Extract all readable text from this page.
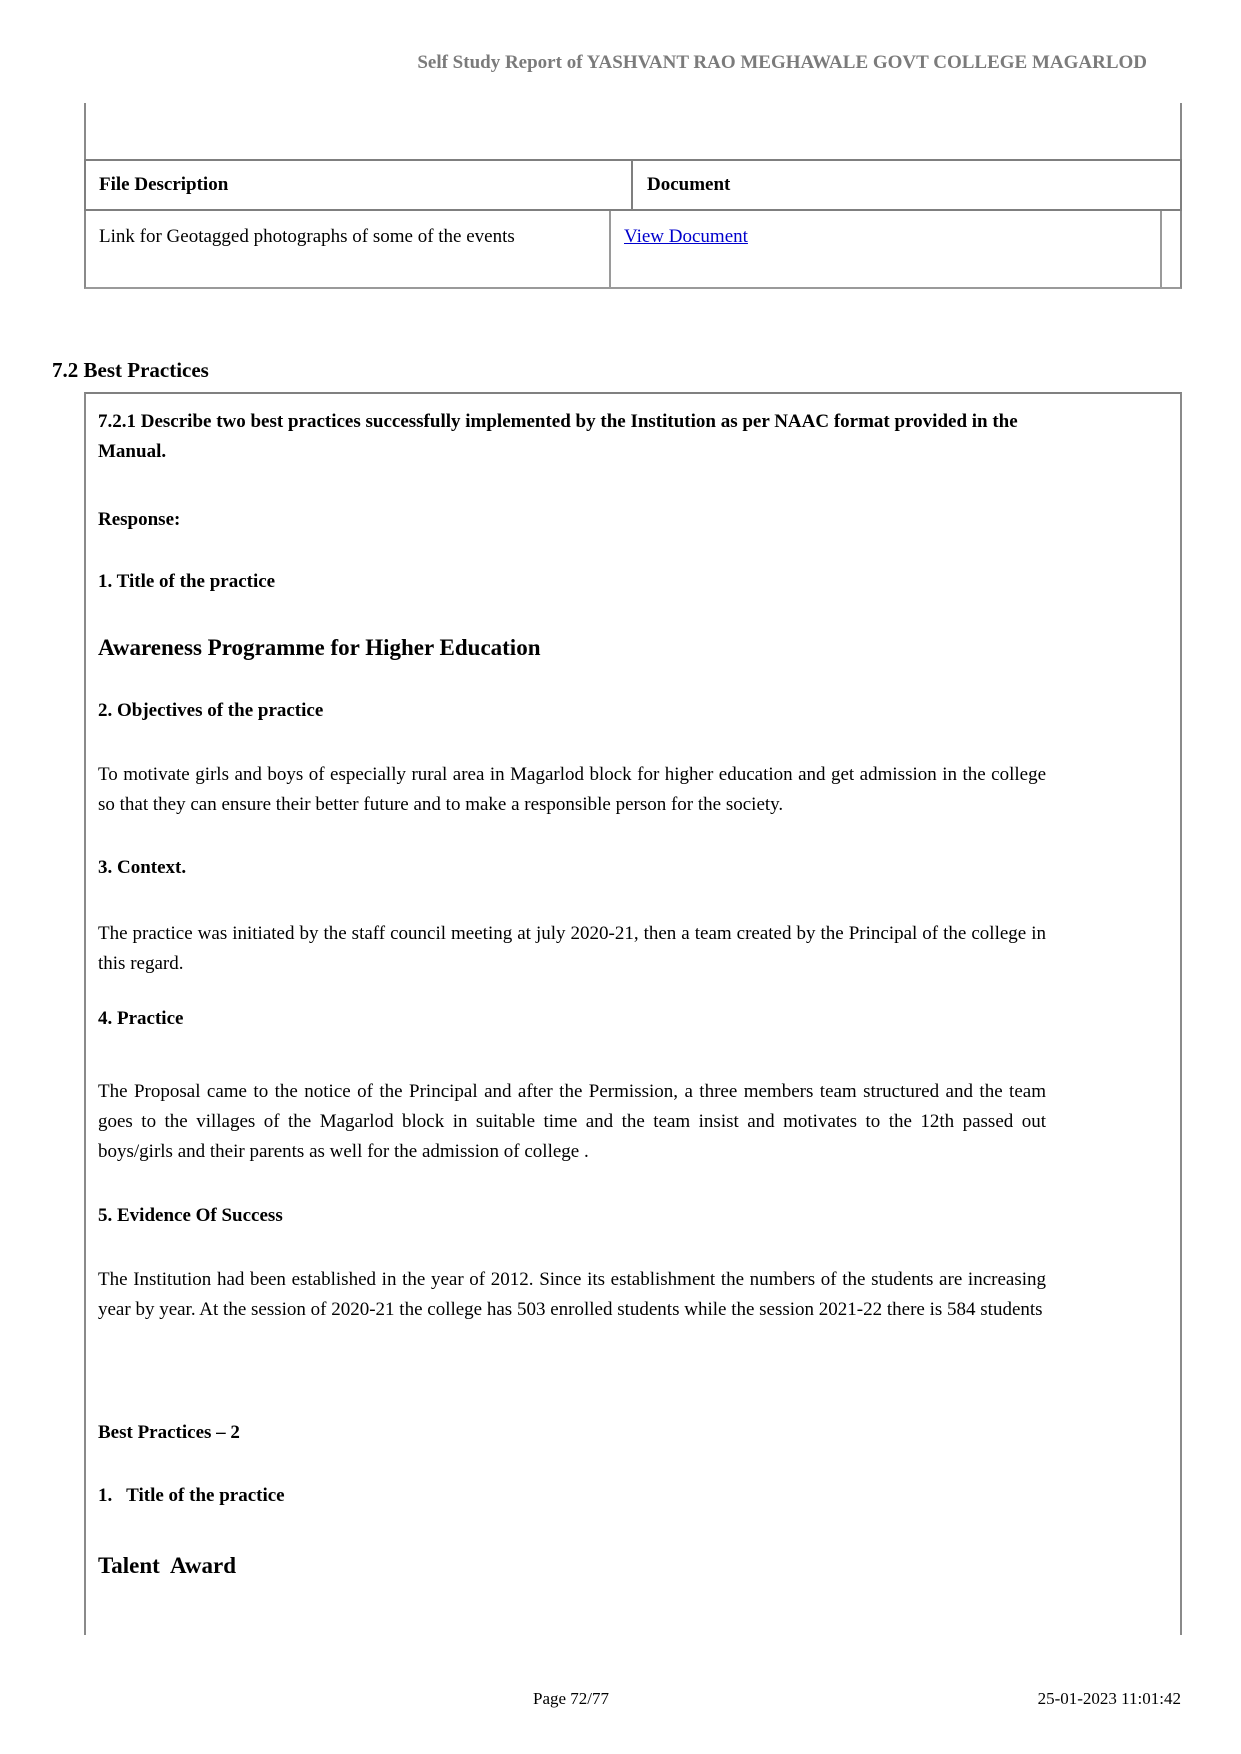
Self Study Report of YASHVANT RAO MEGHAWALE GOVT COLLEGE MAGARLOD
File Description	Document
Link for Geotagged photographs of some of the events	View Document
7.2 Best Practices
7.2.1 Describe two best practices successfully implemented by the Institution as per NAAC format provided in the Manual.
Response:
1. Title of the practice
Awareness Programme for Higher Education
2. Objectives of the practice
To motivate girls and boys of especially rural area in Magarlod block for higher education and get admission in the college so that they can ensure their better future and to make a responsible person for the society.
3. Context.
The practice was initiated by the staff council meeting at july 2020-21, then a team created by the Principal of the college in this regard.
4. Practice
The Proposal came to the notice of the Principal and after the Permission, a three members team structured and the team goes to the villages of the Magarlod block in suitable time and the team insist and motivates to the 12th passed out boys/girls and their parents as well for the admission of college .
5. Evidence Of Success
The Institution had been established in the year of 2012. Since its establishment the numbers of the students are increasing year by year. At the session of 2020-21 the college has 503 enrolled students while the session 2021-22 there is 584 students
Best Practices – 2
1.   Title of the practice
Talent  Award
Page 72/77	25-01-2023 11:01:42
